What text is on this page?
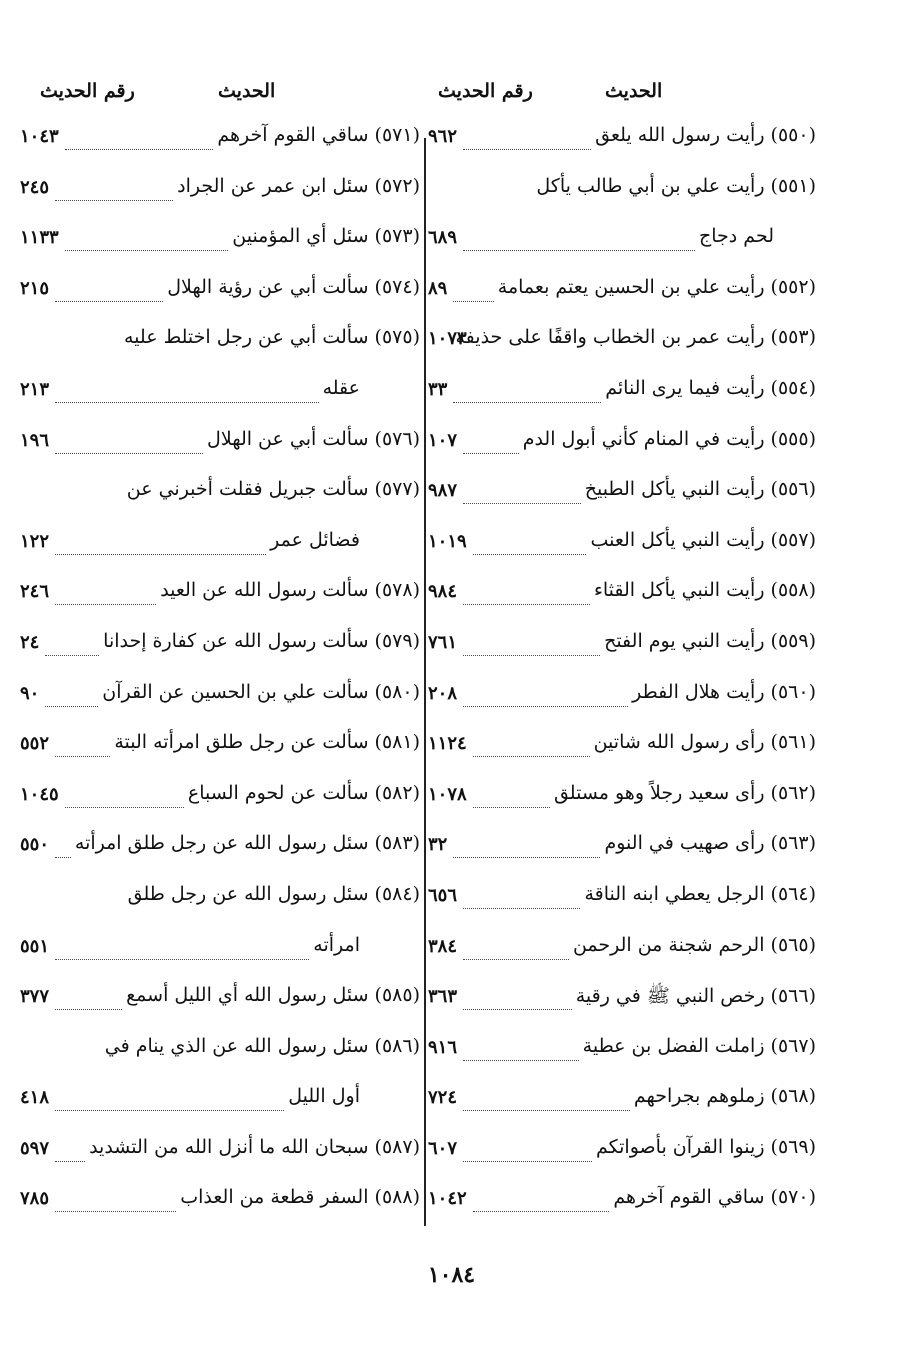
الحديث
رقم الحديث
الحديث
رقم الحديث
(٥٥٠) رأيت رسول الله يلعق
٩٦٢
(٥٥١) رأيت علي بن أبي طالب يأكل
لحم دجاج
٦٨٩
(٥٥٢) رأيت علي بن الحسين يعتم بعمامة
٨٩
(٥٥٣) رأيت عمر بن الخطاب واقفًا على حذيفة
١٠٧٣
(٥٥٤) رأيت فيما يرى النائم
٣٣
(٥٥٥) رأيت في المنام كأني أبول الدم
١٠٧
(٥٥٦) رأيت النبي يأكل الطبيخ
٩٨٧
(٥٥٧) رأيت النبي يأكل العنب
١٠١٩
(٥٥٨) رأيت النبي يأكل القثاء
٩٨٤
(٥٥٩) رأيت النبي يوم الفتح
٧٦١
(٥٦٠) رأيت هلال الفطر
٢٠٨
(٥٦١) رأى رسول الله شاتين
١١٢٤
(٥٦٢) رأى سعيد رجلاً وهو مستلق
١٠٧٨
(٥٦٣) رأى صهيب في النوم
٣٢
(٥٦٤) الرجل يعطي ابنه الناقة
٦٥٦
(٥٦٥) الرحم شجنة من الرحمن
٣٨٤
(٥٦٦) رخص النبي ﷺ في رقية
٣٦٣
(٥٦٧) زاملت الفضل بن عطية
٩١٦
(٥٦٨) زملوهم بجراحهم
٧٢٤
(٥٦٩) زينوا القرآن بأصواتكم
٦٠٧
(٥٧٠) ساقي القوم آخرهم
١٠٤٢
(٥٧١) ساقي القوم آخرهم
١٠٤٣
(٥٧٢) سئل ابن عمر عن الجراد
٢٤٥
(٥٧٣) سئل أي المؤمنين
١١٣٣
(٥٧٤) سألت أبي عن رؤية الهلال
٢١٥
(٥٧٥) سألت أبي عن رجل اختلط عليه
عقله
٢١٣
(٥٧٦) سألت أبي عن الهلال
١٩٦
(٥٧٧) سألت جبريل فقلت أخبرني عن
فضائل عمر
١٢٢
(٥٧٨) سألت رسول الله عن العيد
٢٤٦
(٥٧٩) سألت رسول الله عن كفارة إحدانا
٢٤
(٥٨٠) سألت علي بن الحسين عن القرآن
٩٠
(٥٨١) سألت عن رجل طلق امرأته البتة
٥٥٢
(٥٨٢) سألت عن لحوم السباع
١٠٤٥
(٥٨٣) سئل رسول الله عن رجل طلق امرأته
٥٥٠
(٥٨٤) سئل رسول الله عن رجل طلق
امرأته
٥٥١
(٥٨٥) سئل رسول الله أي الليل أسمع
٣٧٧
(٥٨٦) سئل رسول الله عن الذي ينام في
أول الليل
٤١٨
(٥٨٧) سبحان الله ما أنزل الله من التشديد
٥٩٧
(٥٨٨) السفر قطعة من العذاب
٧٨٥
١٠٨٤
